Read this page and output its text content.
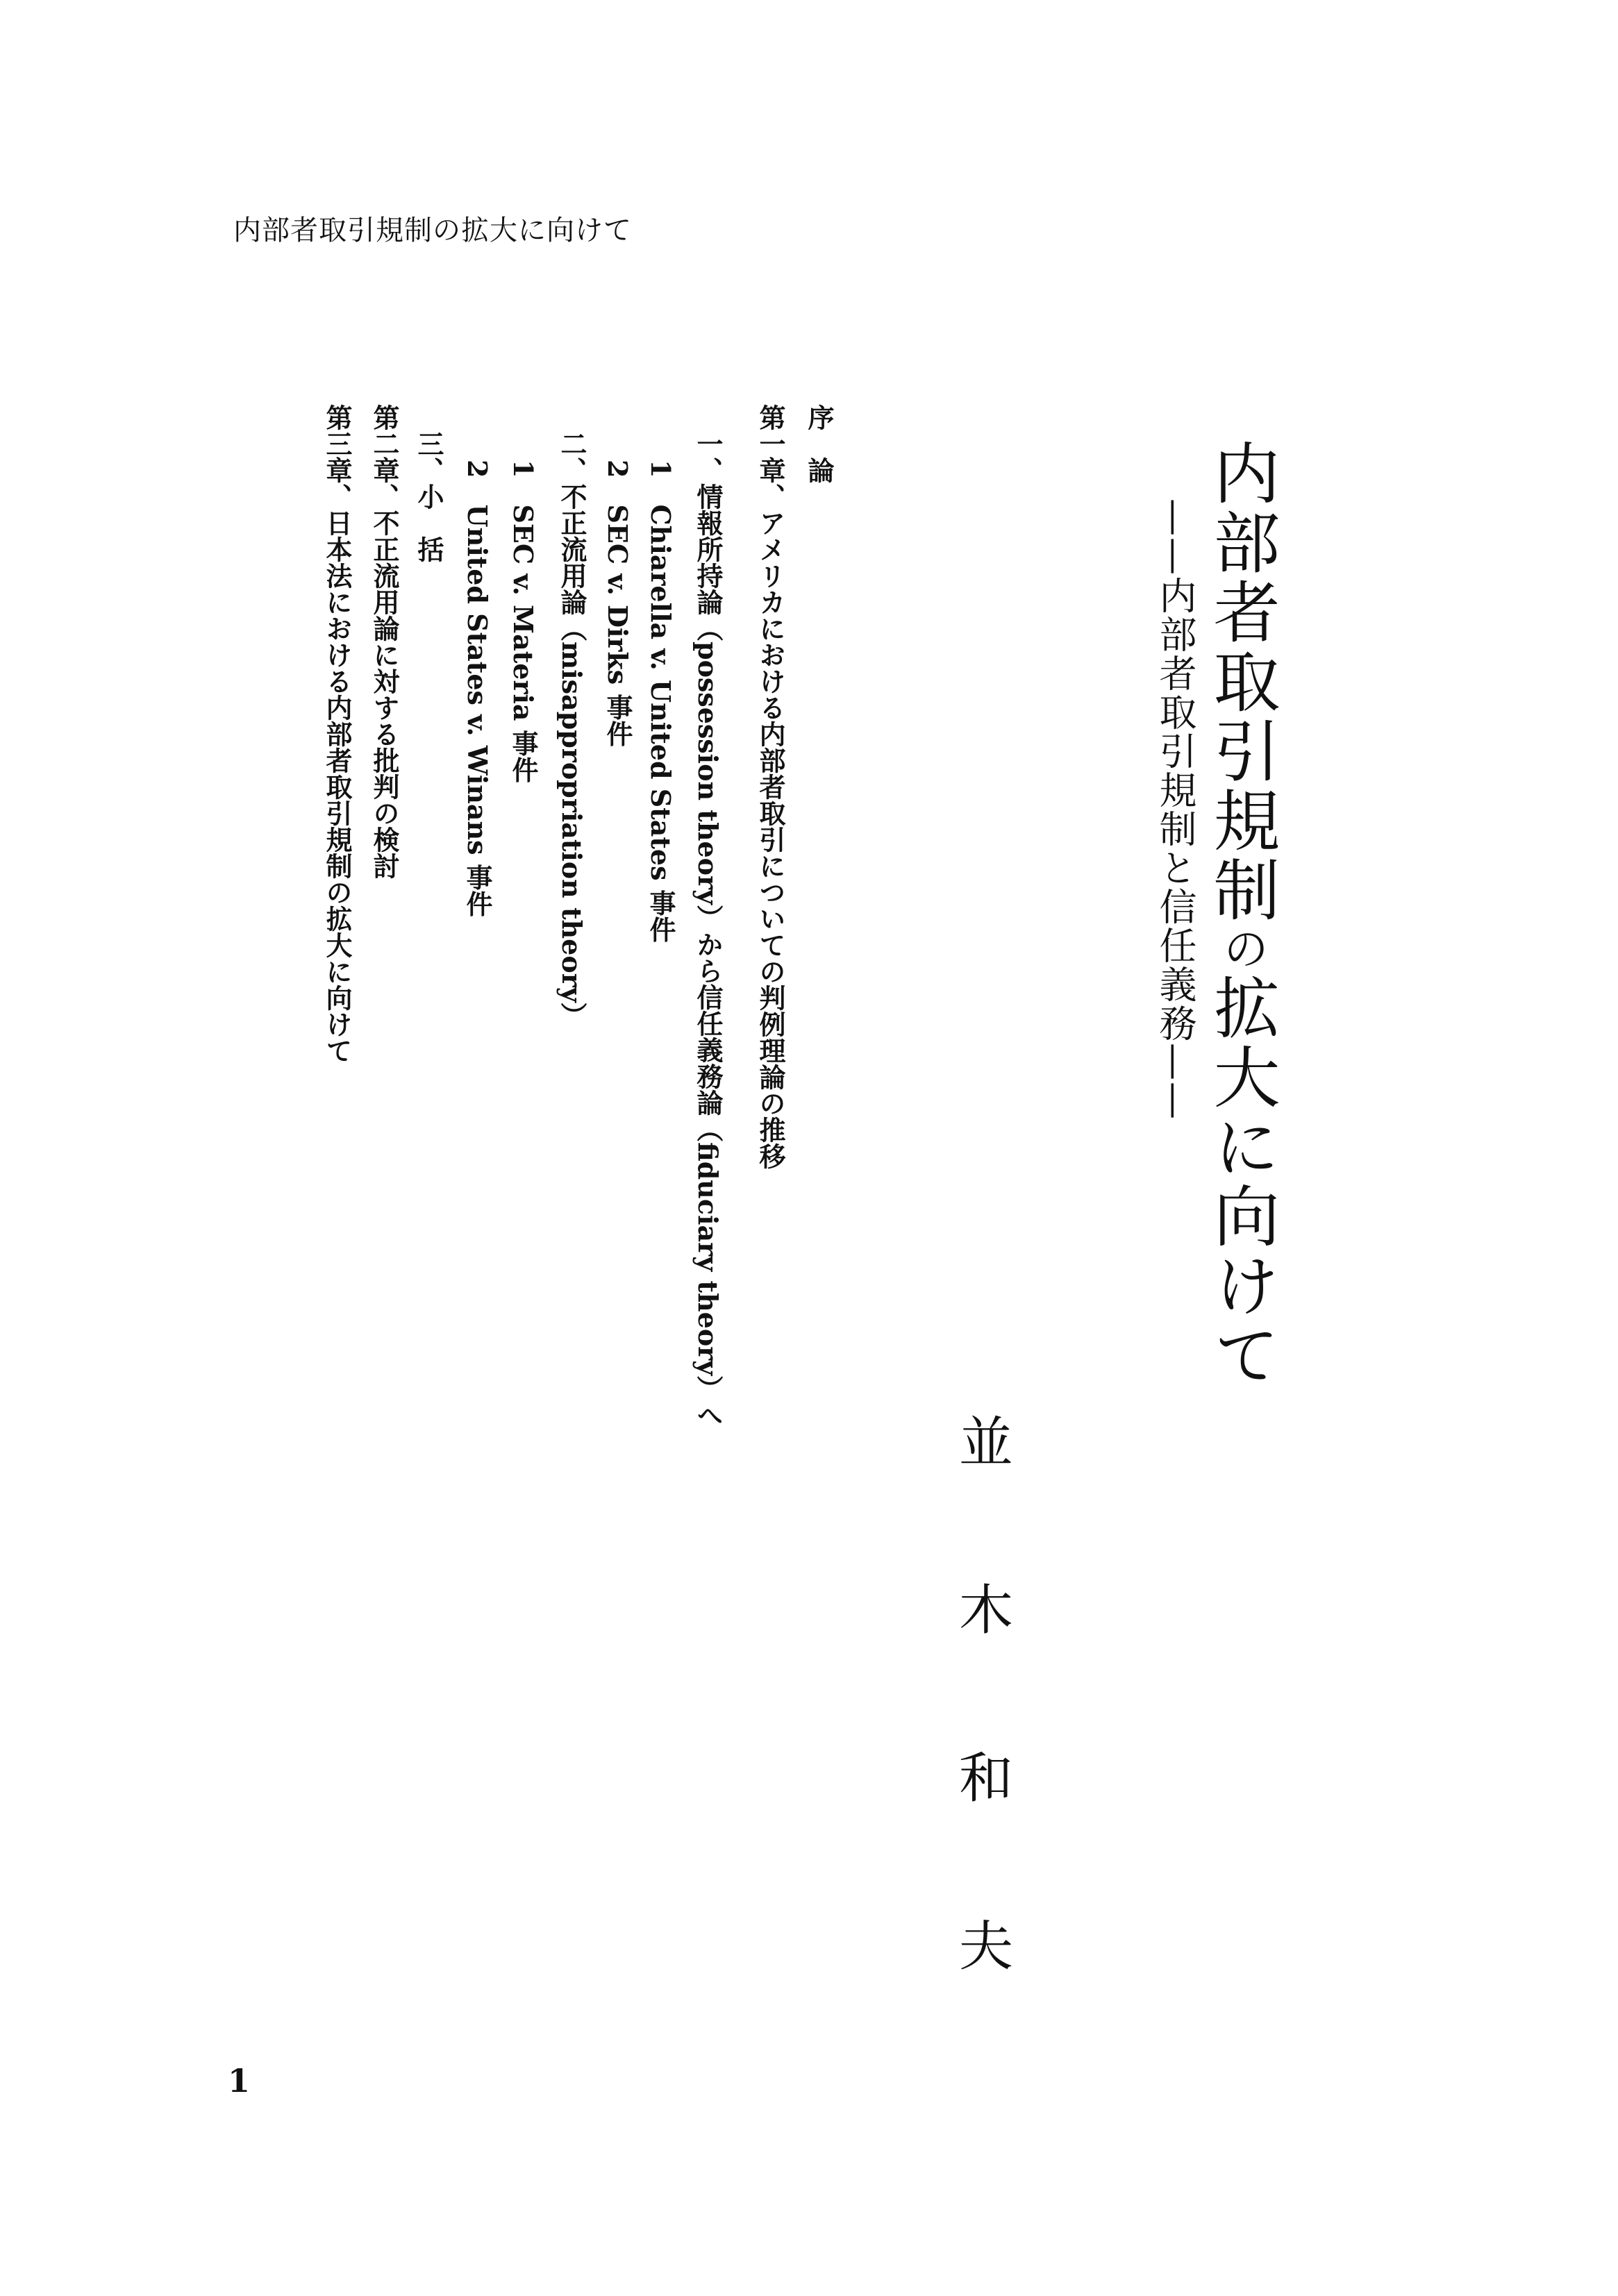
内部者取引規制の拡大に向けて
内部者取引規制の拡大に向けて
——内部者取引規制と信任義務——
並
木
和
夫
序　論
第一章、アメリカにおける内部者取引についての判例理論の推移
一、情報所持論（possession theory）から信任義務論（fiduciary theory）へ
1　Chiarella v. United States 事件
2　SEC v. Dirks 事件
二、不正流用論（misappropriation theory）
1　SEC v. Materia 事件
2　United States v. Winans 事件
三、小　括
第二章、不正流用論に対する批判の検討
第三章、日本法における内部者取引規制の拡大に向けて
1
